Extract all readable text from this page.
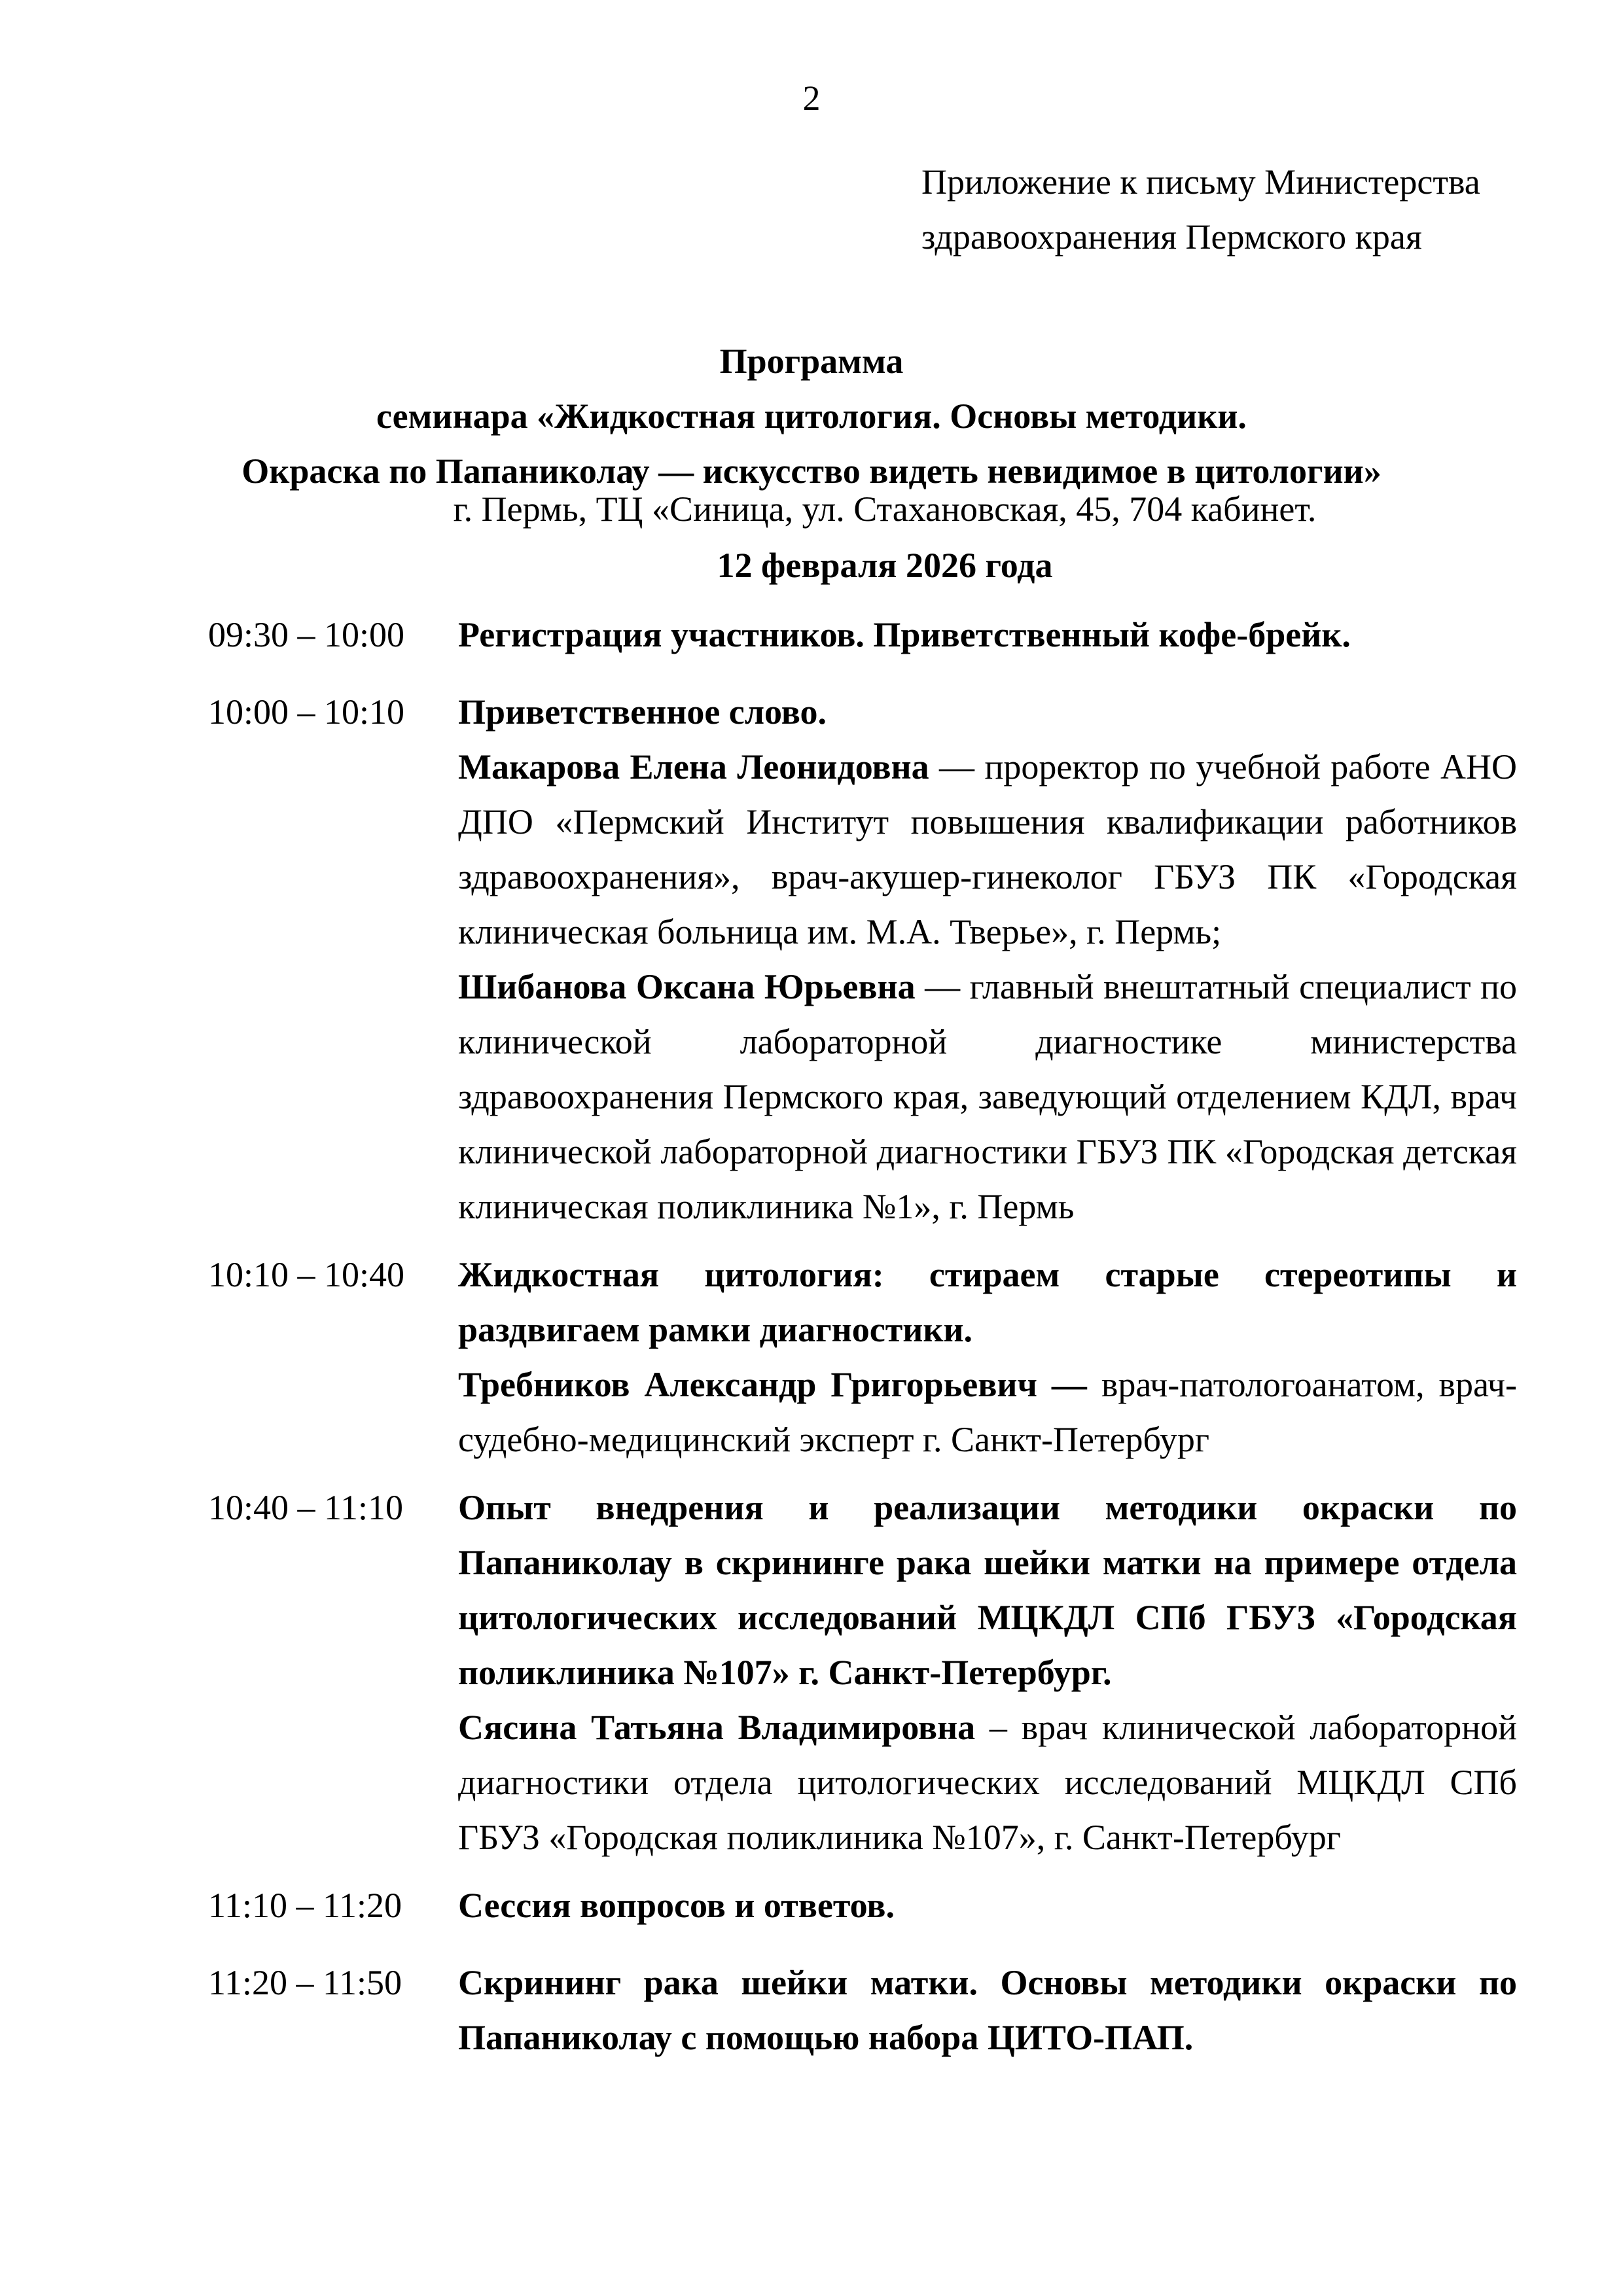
2
Приложение к письму Министерства
здравоохранения Пермского края
Программа
семинара «Жидкостная цитология. Основы методики.
Окраска по Папаниколау — искусство видеть невидимое в цитологии»
г. Пермь, ТЦ «Синица, ул. Стахановская, 45, 704 кабинет.
12 февраля 2026 года
09:30 – 10:00	Регистрация участников. Приветственный кофе-брейк.

10:00 – 10:10	Приветственное слово.

Макарова Елена Леонидовна — проректор по учебной работе АНО ДПО «Пермский Институт повышения квалификации работников здравоохранения», врач-акушер-гинеколог ГБУЗ ПК «Городская клиническая больница им. М.А. Тверье», г. Пермь;

Шибанова Оксана Юрьевна — главный внештатный специалист по клинической лабораторной диагностике министерства здравоохранения Пермского края, заведующий отделением КДЛ, врач клинической лабораторной диагностики ГБУЗ ПК «Городская детская клиническая поликлиника №1», г. Пермь

10:10 – 10:40	Жидкостная цитология: стираем старые стереотипы и раздвигаем рамки диагностики.

Требников Александр Григорьевич — врач-патологоанатом, врач-судебно-медицинский эксперт г. Санкт-Петербург

10:40 – 11:10	Опыт внедрения и реализации методики окраски по Папаниколау в скрининге рака шейки матки на примере отдела цитологических исследований МЦКДЛ СПб ГБУЗ «Городская поликлиника №107» г. Санкт-Петербург.

Сясина Татьяна Владимировна – врач клинической лабораторной диагностики отдела цитологических исследований МЦКДЛ СПб ГБУЗ «Городская поликлиника №107», г. Санкт-Петербург

11:10 – 11:20	Сессия вопросов и ответов.

11:20 – 11:50	Скрининг рака шейки матки. Основы методики окраски по Папаниколау с помощью набора ЦИТО-ПАП.
